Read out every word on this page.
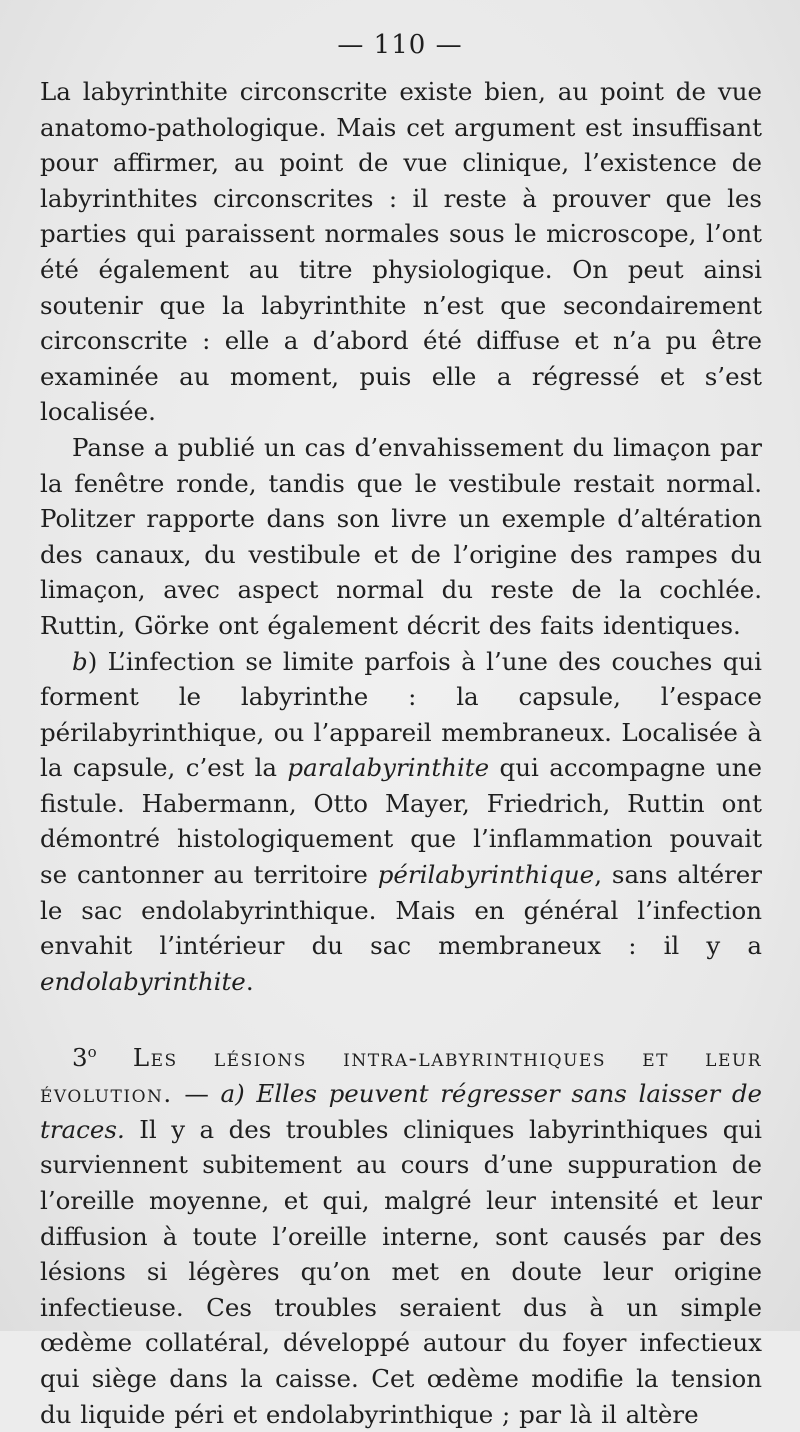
— 110 —

La labyrinthite circonscrite existe bien, au point de vue anatomo-pathologique. Mais cet argument est insuffisant pour affirmer, au point de vue clinique, l’existence de labyrinthites circonscrites : il reste à prouver que les parties qui paraissent normales sous le microscope, l’ont été également au titre physiologique. On peut ainsi soutenir que la labyrinthite n’est que secondairement circonscrite : elle a d’abord été diffuse et n’a pu être examinée au moment, puis elle a régressé et s’est localisée.

Panse a publié un cas d’envahissement du limaçon par la fenêtre ronde, tandis que le vestibule restait normal. Politzer rapporte dans son livre un exemple d’altération des canaux, du vestibule et de l’origine des rampes du limaçon, avec aspect normal du reste de la cochlée. Ruttin, Görke ont également décrit des faits identiques.

b) L’infection se limite parfois à l’une des couches qui forment le labyrinthe : la capsule, l’espace périlabyrinthique, ou l’appareil membraneux. Localisée à la capsule, c’est la paralabyrinthite qui accompagne une fistule. Habermann, Otto Mayer, Friedrich, Ruttin ont démontré histologiquement que l’inflammation pouvait se cantonner au territoire périlabyrinthique, sans altérer le sac endolabyrinthique. Mais en général l’infection envahit l’intérieur du sac membraneux : il y a endolabyrinthite.

3$^o$ Les lésions intra-labyrinthiques et leur évolution. — a) Elles peuvent régresser sans laisser de traces. Il y a des troubles cliniques labyrinthiques qui surviennent subitement au cours d’une suppuration de l’oreille moyenne, et qui, malgré leur intensité et leur diffusion à toute l’oreille interne, sont causés par des lésions si légères qu’on met en doute leur origine infectieuse. Ces troubles seraient dus à un simple œdème collatéral, développé autour du foyer infectieux qui siège dans la caisse. Cet œdème modifie la tension du liquide péri et endolabyrinthique ; par là il altère
